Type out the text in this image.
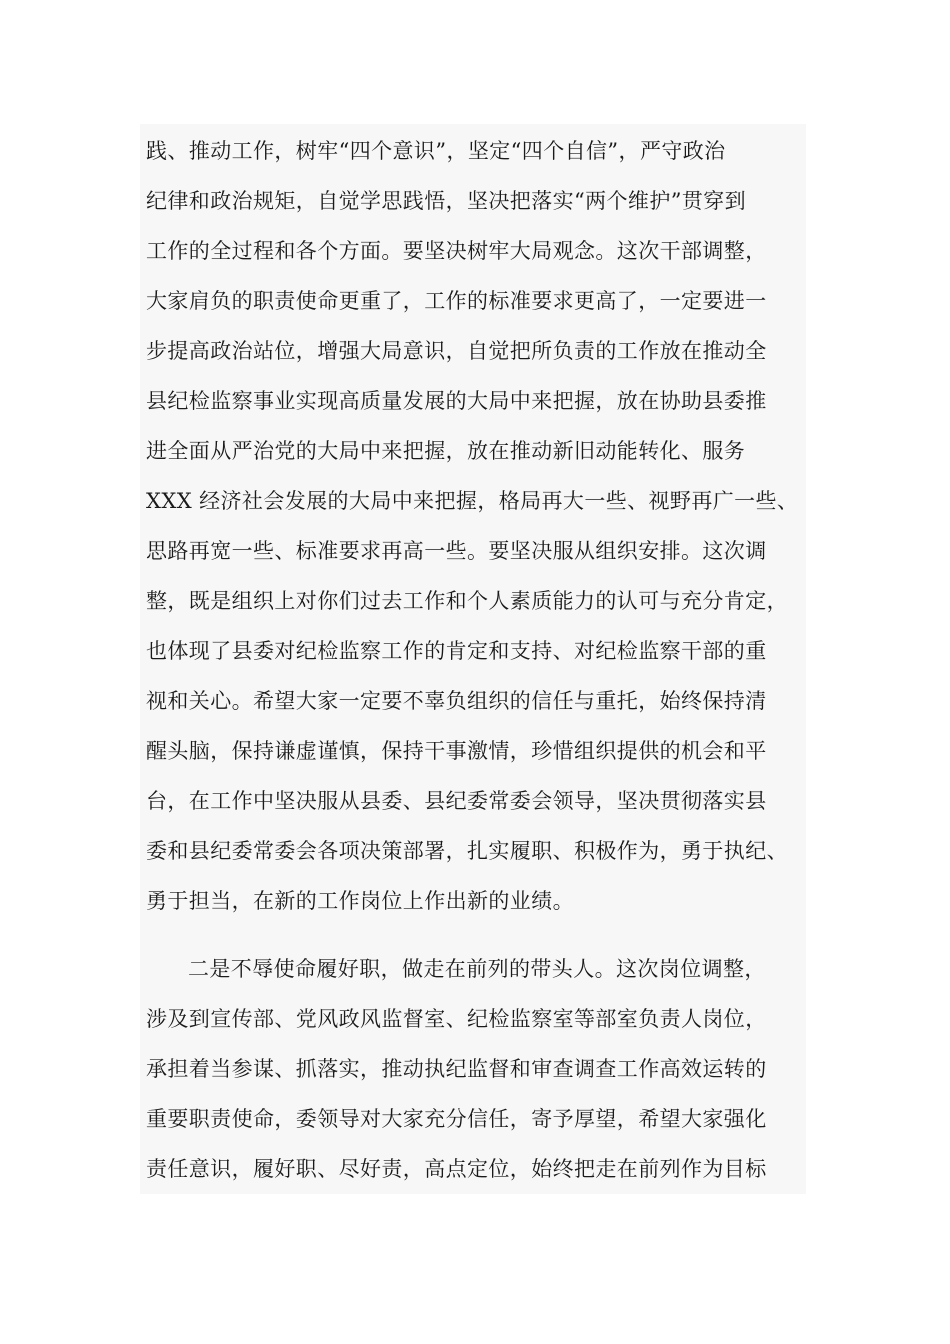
践、推动工作，树牢“四个意识”，坚定“四个自信”，严守政治
纪律和政治规矩，自觉学思践悟，坚决把落实“两个维护”贯穿到
工作的全过程和各个方面。要坚决树牢大局观念。这次干部调整，
大家肩负的职责使命更重了，工作的标准要求更高了，一定要进一
步提高政治站位，增强大局意识，自觉把所负责的工作放在推动全
县纪检监察事业实现高质量发展的大局中来把握，放在协助县委推
进全面从严治党的大局中来把握，放在推动新旧动能转化、服务
XXX 经济社会发展的大局中来把握，格局再大一些、视野再广一些、
思路再宽一些、标准要求再高一些。要坚决服从组织安排。这次调
整，既是组织上对你们过去工作和个人素质能力的认可与充分肯定，
也体现了县委对纪检监察工作的肯定和支持、对纪检监察干部的重
视和关心。希望大家一定要不辜负组织的信任与重托，始终保持清
醒头脑，保持谦虚谨慎，保持干事激情，珍惜组织提供的机会和平
台，在工作中坚决服从县委、县纪委常委会领导，坚决贯彻落实县
委和县纪委常委会各项决策部署，扎实履职、积极作为，勇于执纪、
勇于担当，在新的工作岗位上作出新的业绩。
二是不辱使命履好职，做走在前列的带头人。这次岗位调整，
涉及到宣传部、党风政风监督室、纪检监察室等部室负责人岗位，
承担着当参谋、抓落实，推动执纪监督和审查调查工作高效运转的
重要职责使命，委领导对大家充分信任，寄予厚望，希望大家强化
责任意识，履好职、尽好责，高点定位，始终把走在前列作为目标
